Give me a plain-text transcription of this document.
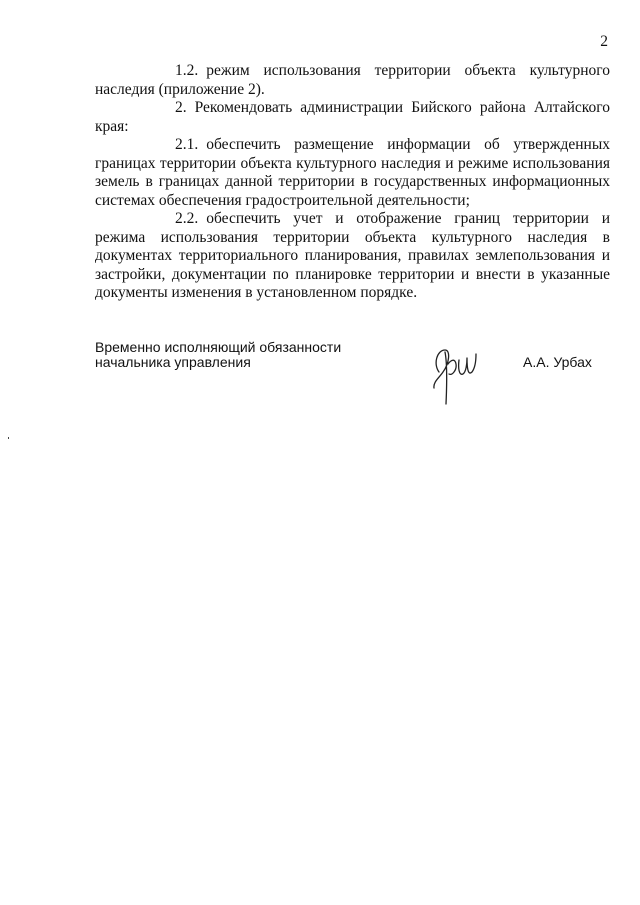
2

1.2. режим использования территории объекта культурного наследия (приложение 2).

2. Рекомендовать администрации Бийского района Алтайского края:

2.1. обеспечить размещение информации об утвержденных границах территории объекта культурного наследия и режиме использования земель в границах данной территории в государственных информационных системах обеспечения градостроительной деятельности;

2.2. обеспечить учет и отображение границ территории и режима использования территории объекта культурного наследия в документах территориального планирования, правилах землепользования и застройки, документации по планировке территории и внести в указанные документы изменения в установленном порядке.

Временно исполняющий обязанности
начальника управления	А.А. Урбах
